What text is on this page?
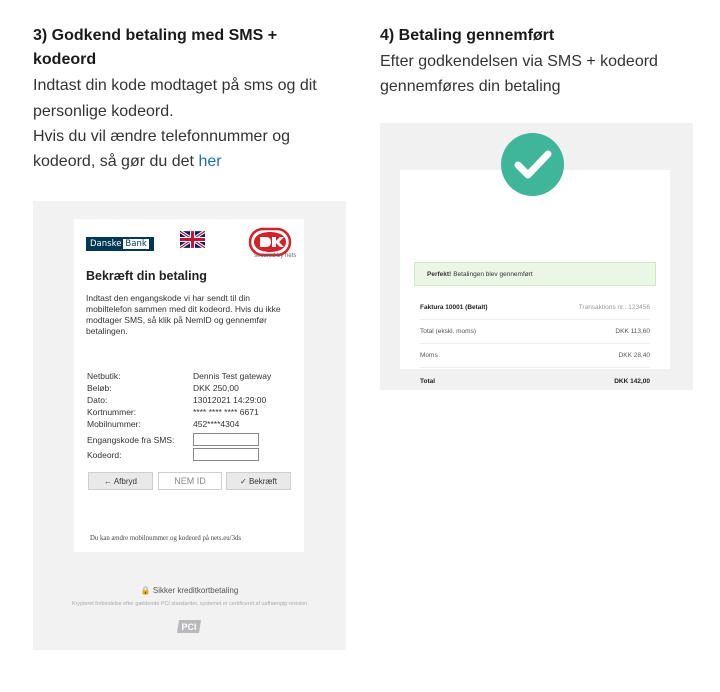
3) Godkend betaling med SMS +
kodeord
Indtast din kode modtaget på sms og dit
personlige kodeord.
Hvis du vil ændre telefonnummer og
kodeord, så gør du det her
4) Betaling gennemført
Efter godkendelsen via SMS + kodeord
gennemføres din betaling
Danske Bank
secured by nets
Bekræft din betaling
Indtast den engangskode vi har sendt til din mobiltelefon sammen med dit kodeord. Hvis du ikke modtager SMS, så klik på NemID og gennemfør betalingen.
Netbutik:	Dennis Test gateway
Beløb:	DKK 250,00
Dato:	13012021 14:29:00
Kortnummer:	**** **** **** 6671
Mobilnummer:	452****4304
Engangskode fra SMS:
Kodeord:
← Afbryd	NEM ID	✓ Bekræft
Du kan ændre mobilnummer og kodeord på nets.eu/3ds
🔒 Sikker kreditkortbetaling
Krypteret forbindelse efter gældende PCI standarder, systemet er certificeret af uafhængig revision
PCI
Perfekt! Betalingen blev gennemført
Faktura 10001 (Betalt)	Transaktions nr.: 123456
Total (ekskl. moms)	DKK 113,60
Moms	DKK 28,40
Total	DKK 142,00
